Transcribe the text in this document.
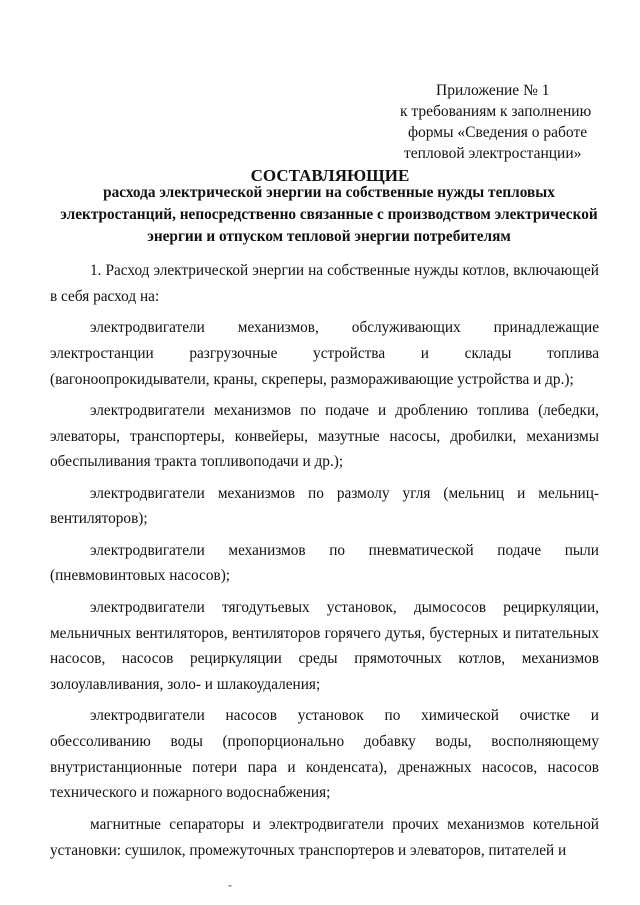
Приложение № 1
к требованиям к заполнению
формы «Сведения о работе
тепловой электростанции»
СОСТАВЛЯЮЩИЕ
расхода электрической энергии на собственные нужды тепловых электростанций, непосредственно связанные с производством электрической энергии и отпуском тепловой энергии потребителям

1. Расход электрической энергии на собственные нужды котлов, включающей в себя расход на:

электродвигатели механизмов, обслуживающих принадлежащие электростанции разгрузочные устройства и склады топлива (вагоноопрокидыватели, краны, скреперы, размораживающие устройства и др.);

электродвигатели механизмов по подаче и дроблению топлива (лебедки, элеваторы, транспортеры, конвейеры, мазутные насосы, дробилки, механизмы обеспыливания тракта топливоподачи и др.);

электродвигатели механизмов по размолу угля (мельниц и мельниц-вентиляторов);

электродвигатели механизмов по пневматической подаче пыли (пневмовинтовых насосов);

электродвигатели тягодутьевых установок, дымососов рециркуляции, мельничных вентиляторов, вентиляторов горячего дутья, бустерных и питательных насосов, насосов рециркуляции среды прямоточных котлов, механизмов золоулавливания, золо- и шлакоудаления;

электродвигатели насосов установок по химической очистке и обессоливанию воды (пропорционально добавку воды, восполняющему внутристанционные потери пара и конденсата), дренажных насосов, насосов технического и пожарного водоснабжения;

магнитные сепараторы и электродвигатели прочих механизмов котельной установки: сушилок, промежуточных транспортеров и элеваторов, питателей и

˘
